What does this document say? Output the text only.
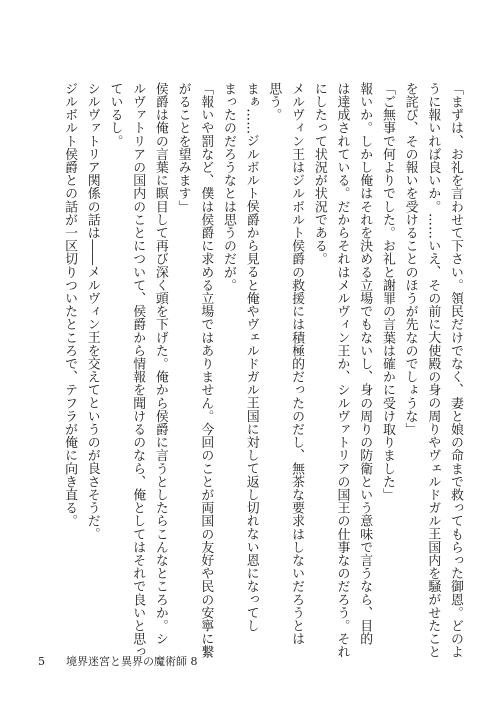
「まずは、お礼を言わせて下さい。領民だけでなく、妻と娘の命まで救ってもらった御恩。どのよ

うに報いれば良いか。……いえ、その前に大使殿の身の周りやヴェルドガル王国内を騒がせたこと

を詫び、その報いを受けることのほうが先なのでしょうな」

「ご無事で何よりでした。お礼と謝罪の言葉は確かに受け取りました」

報いか。しかし俺はそれを決める立場でもないし、身の周りの防衛という意味で言うなら、目的

は達成されている。だからそれはメルヴィン王か、シルヴァトリアの国王の仕事なのだろう。それ

にしたって状況が状況である。

メルヴィン王はジルボルト侯爵の救援には積極的だったのだし、無茶な要求はしないだろうとは

思う。

まぁ……ジルボルト侯爵から見ると俺やヴェルドガル王国に対して返し切れない恩になってし

まったのだろうなとは思うのだが。

「報いや罰など、僕は侯爵に求める立場ではありません。今回のことが両国の友好や民の安寧に繋

がることを望みます」

侯爵は俺の言葉に瞑目して再び深く頭を下げた。俺から侯爵に言うとしたらこんなところか。シ

ルヴァトリアの国内のことについて、侯爵から情報を聞けるのなら、俺としてはそれで良いと思っ

ているし。

シルヴァトリア関係の話は――メルヴィン王を交えてというのが良さそうだ。

ジルボルト侯爵との話が一区切りついたところで、テフラが俺に向き直る。

5 境界迷宮と異界の魔術師 8
